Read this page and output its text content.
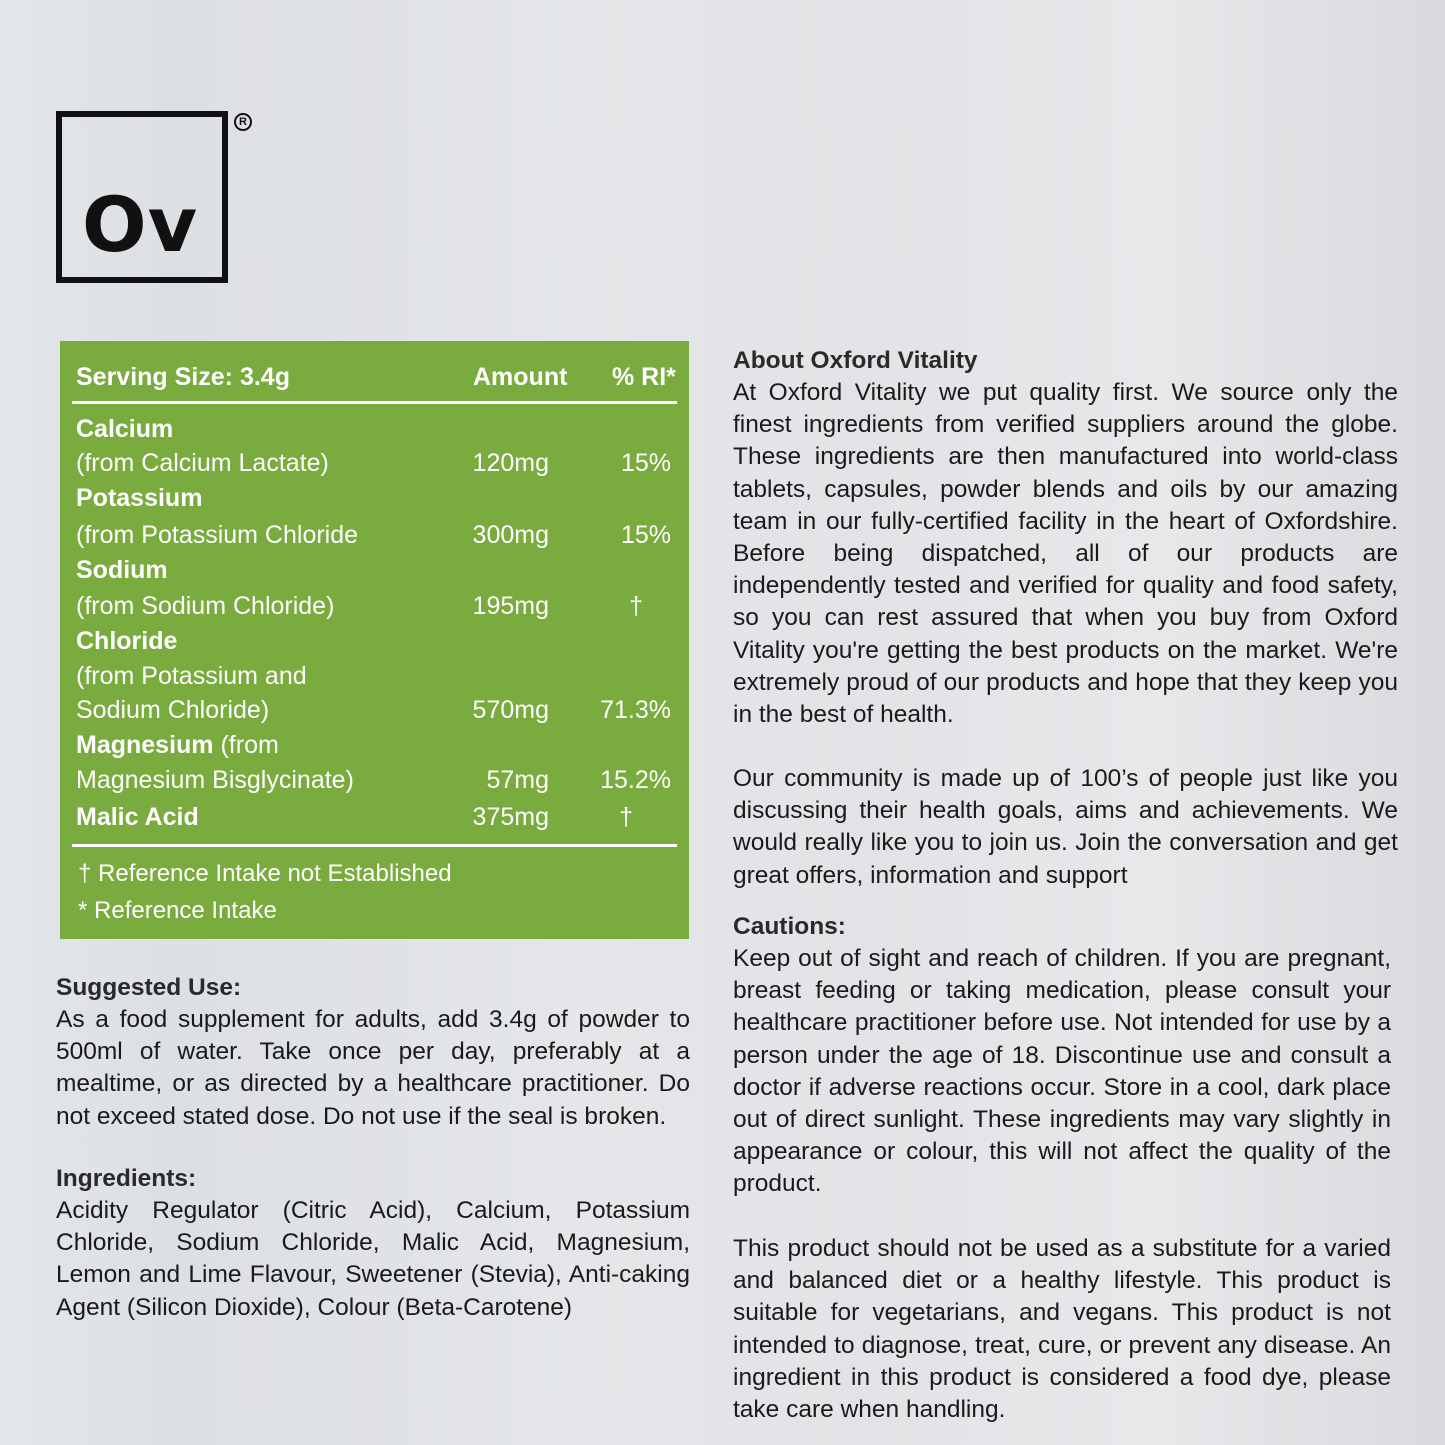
Ov
R
Serving Size: 3.4g	Amount % RI*
Calcium
(from Calcium Lactate)	120mg	15%
Potassium
(from Potassium Chloride	300mg	15%
Sodium
(from Sodium Chloride)	195mg	†
Chloride
(from Potassium and
Sodium Chloride)	570mg 71.3%
Magnesium (from
Magnesium Bisglycinate)	57mg 15.2%
Malic Acid	375mg	†
† Reference Intake not Established
* Reference Intake
Suggested Use:

As a food supplement for adults, add 3.4g of powder to 500ml of water. Take once per day, preferably at a mealtime, or as directed by a healthcare practitioner. Do not exceed stated dose. Do not use if the seal is broken.

Ingredients:

Acidity Regulator (Citric Acid), Calcium, Potassium Chloride, Sodium Chloride, Malic Acid, Magnesium, Lemon and Lime Flavour, Sweetener (Stevia), Anti-caking Agent (Silicon Dioxide), Colour (Beta-Carotene)

About Oxford Vitality

At Oxford Vitality we put quality first. We source only the finest ingredients from verified suppliers around the globe. These ingredients are then manufactured into world-class tablets, capsules, powder blends and oils by our amazing team in our fully-certified facility in the heart of Oxfordshire. Before being dispatched, all of our products are independently tested and verified for quality and food safety, so you can rest assured that when you buy from Oxford Vitality you're getting the best products on the market. We're extremely proud of our products and hope that they keep you in the best of health.

Our community is made up of 100’s of people just like you discussing their health goals, aims and achievements. We would really like you to join us. Join the conversation and get great offers, information and support

Cautions:

Keep out of sight and reach of children. If you are pregnant, breast feeding or taking medication, please consult your healthcare practitioner before use. Not intended for use by a person under the age of 18. Discontinue use and consult a doctor if adverse reactions occur. Store in a cool, dark place out of direct sunlight. These ingredients may vary slightly in appearance or colour, this will not affect the quality of the product.

This product should not be used as a substitute for a varied and balanced diet or a healthy lifestyle. This product is suitable for vegetarians, and vegans. This product is not intended to diagnose, treat, cure, or prevent any disease. An ingredient in this product is considered a food dye, please take care when handling.
